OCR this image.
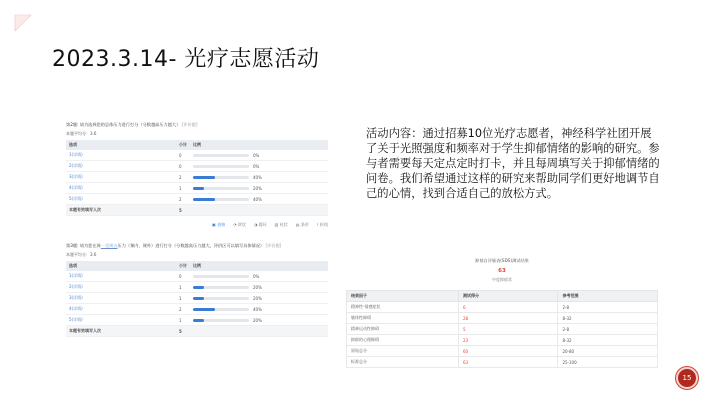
2023.3.14- 光疗志愿活动
第2题: 请为选择您的总体压力进行打分（分数越高压力越大） [评价题]
本题平均分：3.6
选项	小计	比例
1(详情)	0	0%

2(详情)	0	0%

3(详情)	2	40%

4(详情)	1	20%

5(详情)	2	40%

本题有效填写人次	5	
▣ 表格 ◔ 饼状 ◑ 圆环 ▥ 柱状 ▤ 条形 ⌇ 折线
第3题: 请为您在周一至周五压力（课内、课外）进行打分（分数越高压力越大，评价区可以填写具体情况） [评价题]
本题平均分：3.6
选项	小计	比例
1(详情)	0	0%

2(详情)	1	20%

3(详情)	1	20%

4(详情)	2	40%

5(详情)	1	20%

本题有效填写人次	5	
活动内容：通过招募10位光疗志愿者，神经科学社团开展了关于光照强度和频率对于学生抑郁情绪的影响的研究。参与者需要每天定点定时打卡，并且每周填写关于抑郁情绪的问卷。我们希望通过这样的研究来帮助同学们更好地调节自己的心情，找到合适自己的放松方式。
抑郁自评量表(SDS)测试结果
63
中度抑郁状
结果因子	测试得分	参考范围
精神性-情感症状	6	2-8
躯体性障碍	28	8-32
精神运动性障碍	5	2-8
抑郁的心理障碍	23	8-32
原始总分	60	20-80
标准总分	63	25-100
15
